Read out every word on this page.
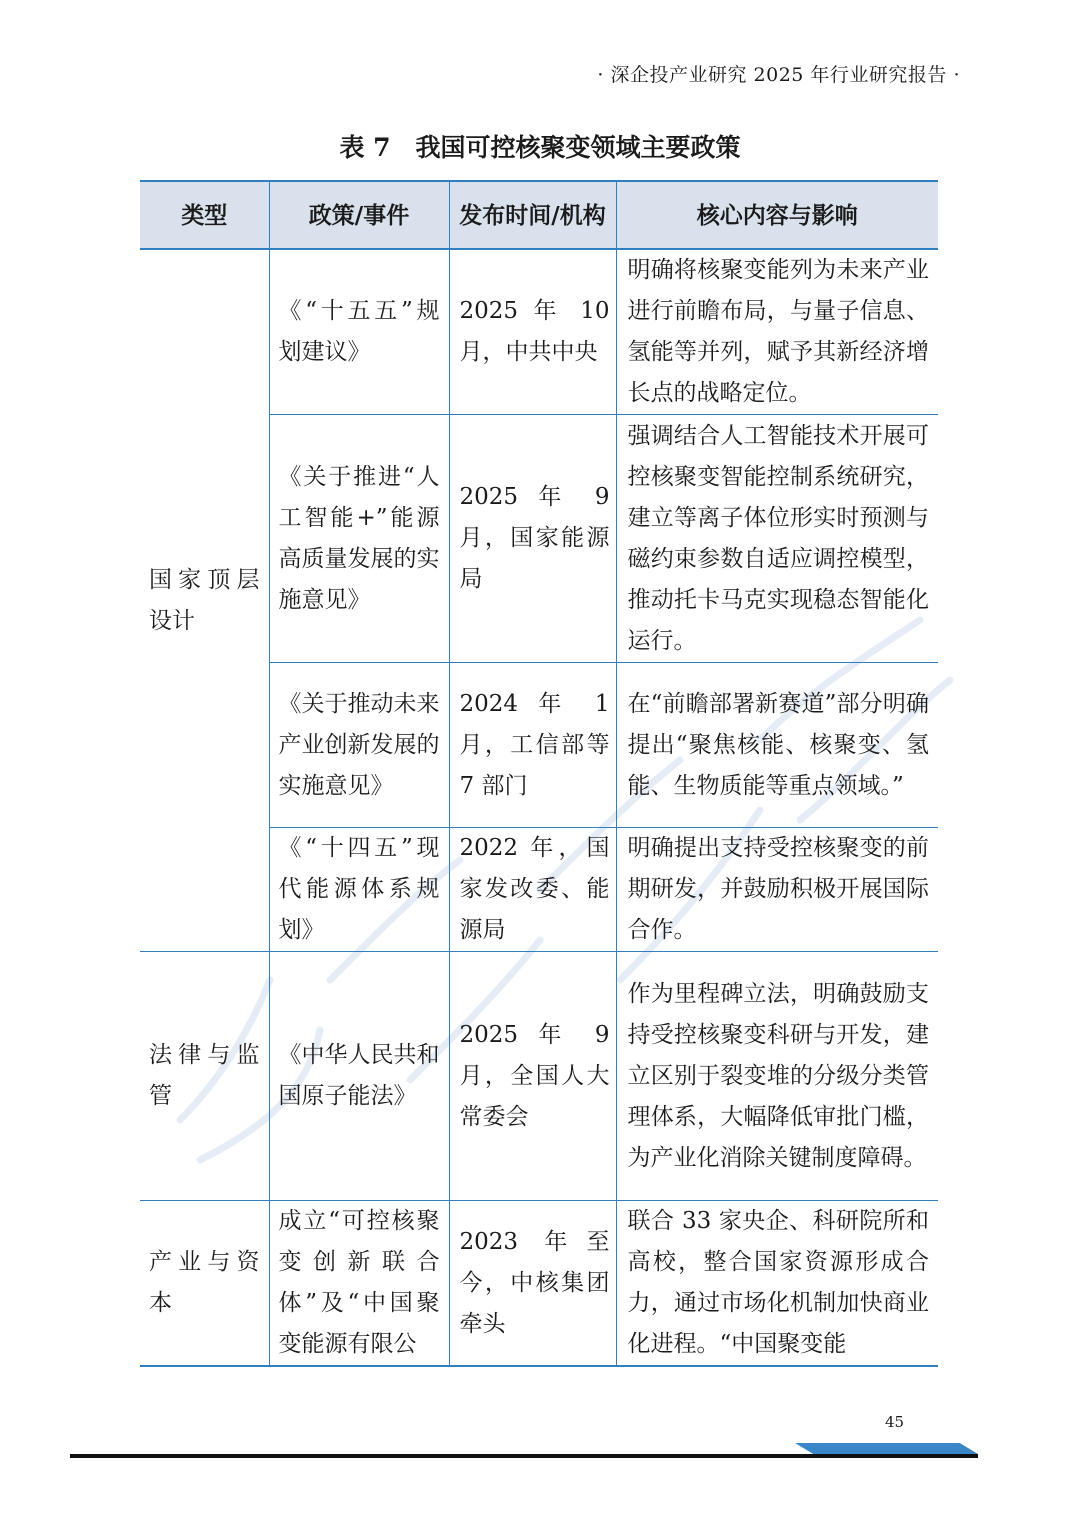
· 深企投产业研究 2025 年行业研究报告 ·
表 7　我国可控核聚变领域主要政策
类型	政策/事件	发布时间/机构	核心内容与影响
国家顶层设计	《“十五五”规划建议》	2025 年 10 月，中共中央	明确将核聚变能列为未来产业进行前瞻布局，与量子信息、氢能等并列，赋予其新经济增长点的战略定位。
	《关于推进“人工智能+”能源高质量发展的实施意见》	2025 年 9 月，国家能源局	强调结合人工智能技术开展可控核聚变智能控制系统研究，建立等离子体位形实时预测与磁约束参数自适应调控模型，推动托卡马克实现稳态智能化运行。
	《关于推动未来产业创新发展的实施意见》	2024 年 1 月，工信部等 7 部门	在“前瞻部署新赛道”部分明确提出“聚焦核能、核聚变、氢能、生物质能等重点领域。”
	《“十四五”现代能源体系规划》	2022 年，国家发改委、能源局	明确提出支持受控核聚变的前期研发，并鼓励积极开展国际合作。
法律与监管	《中华人民共和国原子能法》	2025 年 9 月，全国人大常委会	作为里程碑立法，明确鼓励支持受控核聚变科研与开发，建立区别于裂变堆的分级分类管理体系，大幅降低审批门槛，为产业化消除关键制度障碍。
产业与资本	成立“可控核聚变创新联合体”及“中国聚变能源有限公	2023 年至今，中核集团牵头	联合 33 家央企、科研院所和高校，整合国家资源形成合力，通过市场化机制加快商业化进程。“中国聚变能
45
